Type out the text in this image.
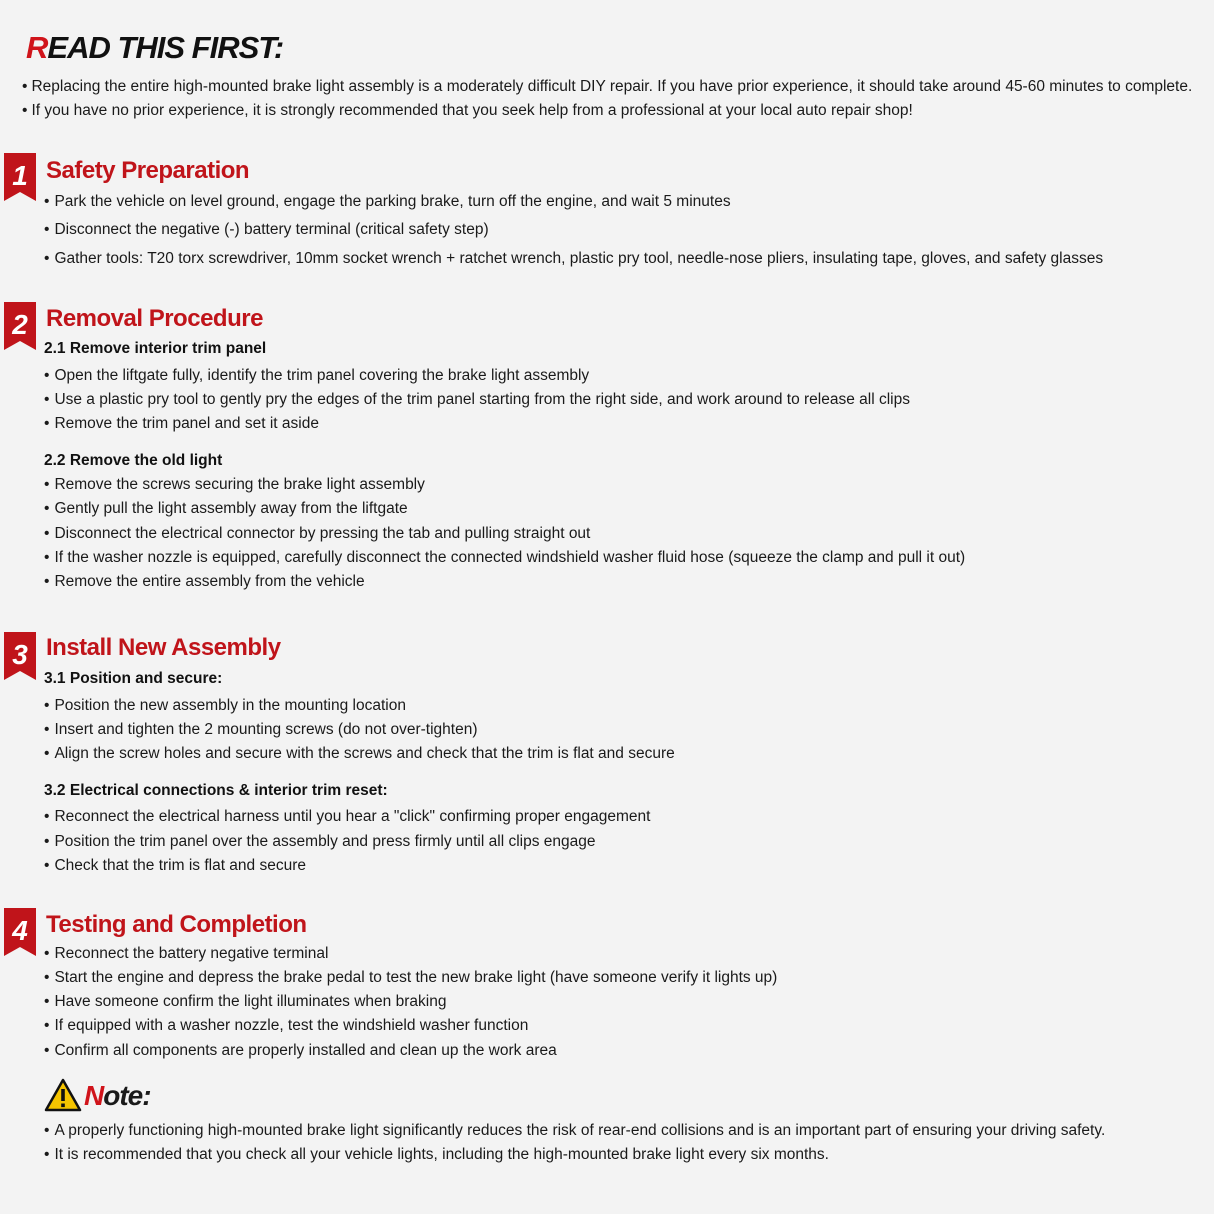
READ THIS FIRST:
• Replacing the entire high-mounted brake light assembly is a moderately difficult DIY repair. If you have prior experience, it should take around 45-60 minutes to complete.
• If you have no prior experience, it is strongly recommended that you seek help from a professional at your local auto repair shop!
1 Safety Preparation
• Park the vehicle on level ground, engage the parking brake, turn off the engine, and wait 5 minutes
• Disconnect the negative (-) battery terminal (critical safety step)
• Gather tools: T20 torx screwdriver, 10mm socket wrench + ratchet wrench, plastic pry tool, needle-nose pliers, insulating tape, gloves, and safety glasses
2 Removal Procedure
2.1 Remove interior trim panel
• Open the liftgate fully, identify the trim panel covering the brake light assembly
• Use a plastic pry tool to gently pry the edges of the trim panel starting from the right side, and work around to release all clips
• Remove the trim panel and set it aside
2.2 Remove the old light
• Remove the screws securing the brake light assembly
• Gently pull the light assembly away from the liftgate
• Disconnect the electrical connector by pressing the tab and pulling straight out
• If the washer nozzle is equipped, carefully disconnect the connected windshield washer fluid hose (squeeze the clamp and pull it out)
• Remove the entire assembly from the vehicle
3 Install New Assembly
3.1 Position and secure:
• Position the new assembly in the mounting location
• Insert and tighten the 2 mounting screws (do not over-tighten)
• Align the screw holes and secure with the screws and check that the trim is flat and secure
3.2 Electrical connections & interior trim reset:
• Reconnect the electrical harness until you hear a "click" confirming proper engagement
• Position the trim panel over the assembly and press firmly until all clips engage
• Check that the trim is flat and secure
4 Testing and Completion
• Reconnect the battery negative terminal
• Start the engine and depress the brake pedal to test the new brake light (have someone verify it lights up)
• Have someone confirm the light illuminates when braking
• If equipped with a washer nozzle, test the windshield washer function
• Confirm all components are properly installed and clean up the work area
Note:
• A properly functioning high-mounted brake light significantly reduces the risk of rear-end collisions and is an important part of ensuring your driving safety.
• It is recommended that you check all your vehicle lights, including the high-mounted brake light every six months.
